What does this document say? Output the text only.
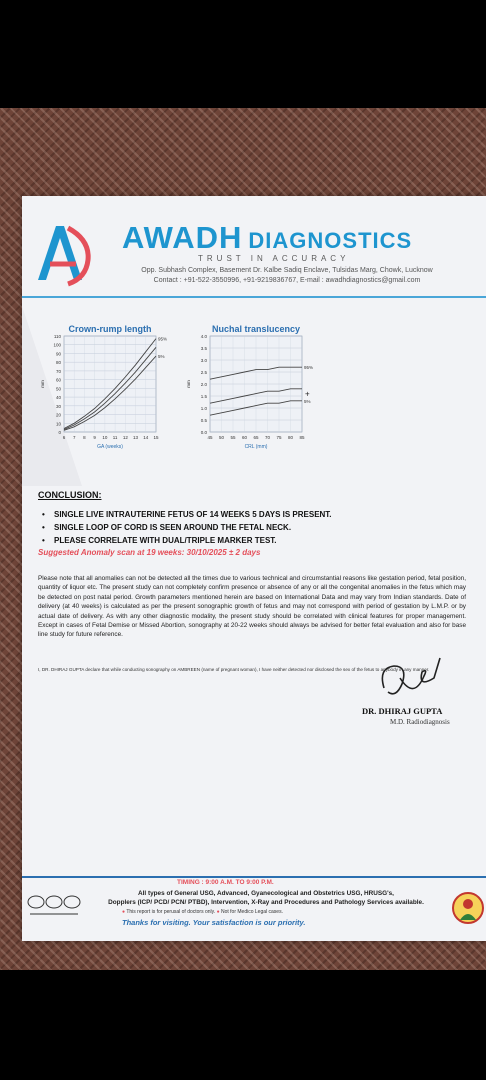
AWADH DIAGNOSTICS
TRUST IN ACCURACY
Opp. Subhash Complex, Basement Dr. Kalbe Sadiq Enclave, Tulsidas Marg, Chowk, Lucknow
Contact : +91-522-3550996, +91-9219836767, E-mail : awadhdiagnostics@gmail.com
Crown-rump length
0
10
20
30
40
50
60
70
80
90
100
110
6 7 8 9 10 11 12 13 14 15
GA (weeks)
mm
95%
5%
Nuchal translucency
0.0
0.5
1.0
1.5
2.0
2.5
3.0
3.5
4.0
45 50 55 60 65 70 75 80 85
CRL (mm)
mm
95%
5%
+
CONCLUSION:
• SINGLE LIVE INTRAUTERINE FETUS OF 14 WEEKS 5 DAYS IS PRESENT.
• SINGLE LOOP OF CORD IS SEEN AROUND THE FETAL NECK.
• PLEASE CORRELATE WITH DUAL/TRIPLE MARKER TEST.
Suggested Anomaly scan at 19 weeks: 30/10/2025 ± 2 days
Please note that all anomalies can not be detected all the times due to various technical and circumstantial reasons like gestation period, fetal position, quantity of liquor etc. The present study can not completely confirm presence or absence of any or all the congenital anomalies in the fetus which may be detected on post natal period. Growth parameters mentioned herein are based on International Data and may vary from Indian standards. Date of delivery (at 40 weeks) is calculated as per the present sonographic growth of fetus and may not correspond with period of gestation by L.M.P. or by actual date of delivery. As with any other diagnostic modality, the present study should be correlated with clinical features for proper management. Except in cases of Fetal Demise or Missed Abortion, sonography at 20-22 weeks should always be advised for better fetal evaluation and also for base line study for future reference.
I, DR. DHIRAJ GUPTA declare that while conducting sonography on AMBREEN (name of pregnant woman), I have neither detected nor disclosed the sex of the fetus to anybody in any manner.
DR. DHIRAJ GUPTA
M.D. Radiodiagnosis
TIMING : 9:00 A.M. TO 9:00 P.M.
All types of General USG, Advanced, Gyanecological and Obstetrics USG, HRUSG's,
Dopplers (ICP/ PCD/ PCN/ PTBD), Intervention, X-Ray and Procedures and Pathology Services available.
● This report is for perusal of doctors only. ● Not for Medico Legal cases.
Thanks for visiting. Your satisfaction is our priority.
